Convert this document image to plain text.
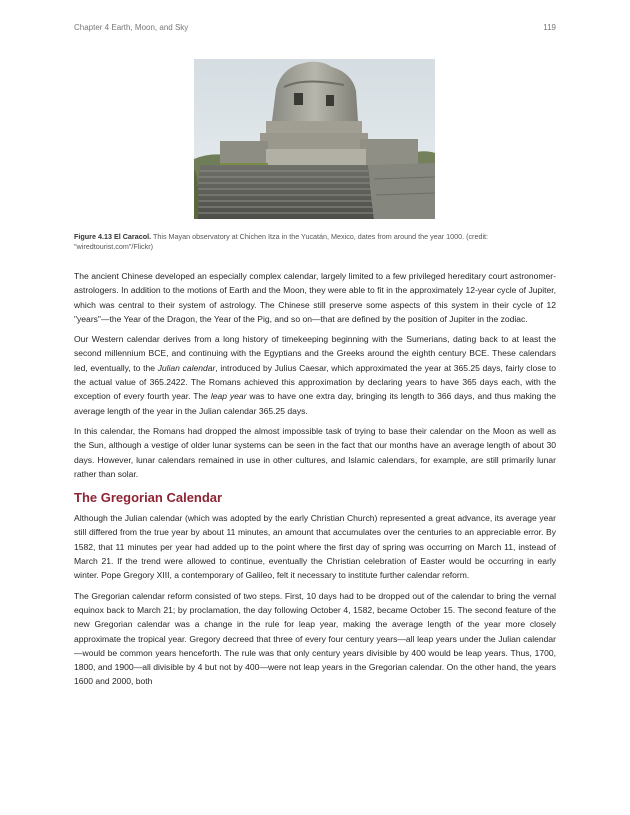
Chapter 4 Earth, Moon, and Sky	119
Figure 4.13 El Caracol. This Mayan observatory at Chichen Itza in the Yucatán, Mexico, dates from around the year 1000. (credit: "wiredtourist.com"/Flickr)

The ancient Chinese developed an especially complex calendar, largely limited to a few privileged hereditary court astronomer-astrologers. In addition to the motions of Earth and the Moon, they were able to fit in the approximately 12-year cycle of Jupiter, which was central to their system of astrology. The Chinese still preserve some aspects of this system in their cycle of 12 "years"—the Year of the Dragon, the Year of the Pig, and so on—that are defined by the position of Jupiter in the zodiac.

Our Western calendar derives from a long history of timekeeping beginning with the Sumerians, dating back to at least the second millennium BCE, and continuing with the Egyptians and the Greeks around the eighth century BCE. These calendars led, eventually, to the Julian calendar, introduced by Julius Caesar, which approximated the year at 365.25 days, fairly close to the actual value of 365.2422. The Romans achieved this approximation by declaring years to have 365 days each, with the exception of every fourth year. The leap year was to have one extra day, bringing its length to 366 days, and thus making the average length of the year in the Julian calendar 365.25 days.

In this calendar, the Romans had dropped the almost impossible task of trying to base their calendar on the Moon as well as the Sun, although a vestige of older lunar systems can be seen in the fact that our months have an average length of about 30 days. However, lunar calendars remained in use in other cultures, and Islamic calendars, for example, are still primarily lunar rather than solar.

The Gregorian Calendar

Although the Julian calendar (which was adopted by the early Christian Church) represented a great advance, its average year still differed from the true year by about 11 minutes, an amount that accumulates over the centuries to an appreciable error. By 1582, that 11 minutes per year had added up to the point where the first day of spring was occurring on March 11, instead of March 21. If the trend were allowed to continue, eventually the Christian celebration of Easter would be occurring in early winter. Pope Gregory XIII, a contemporary of Galileo, felt it necessary to institute further calendar reform.

The Gregorian calendar reform consisted of two steps. First, 10 days had to be dropped out of the calendar to bring the vernal equinox back to March 21; by proclamation, the day following October 4, 1582, became October 15. The second feature of the new Gregorian calendar was a change in the rule for leap year, making the average length of the year more closely approximate the tropical year. Gregory decreed that three of every four century years—all leap years under the Julian calendar—would be common years henceforth. The rule was that only century years divisible by 400 would be leap years. Thus, 1700, 1800, and 1900—all divisible by 4 but not by 400—were not leap years in the Gregorian calendar. On the other hand, the years 1600 and 2000, both
